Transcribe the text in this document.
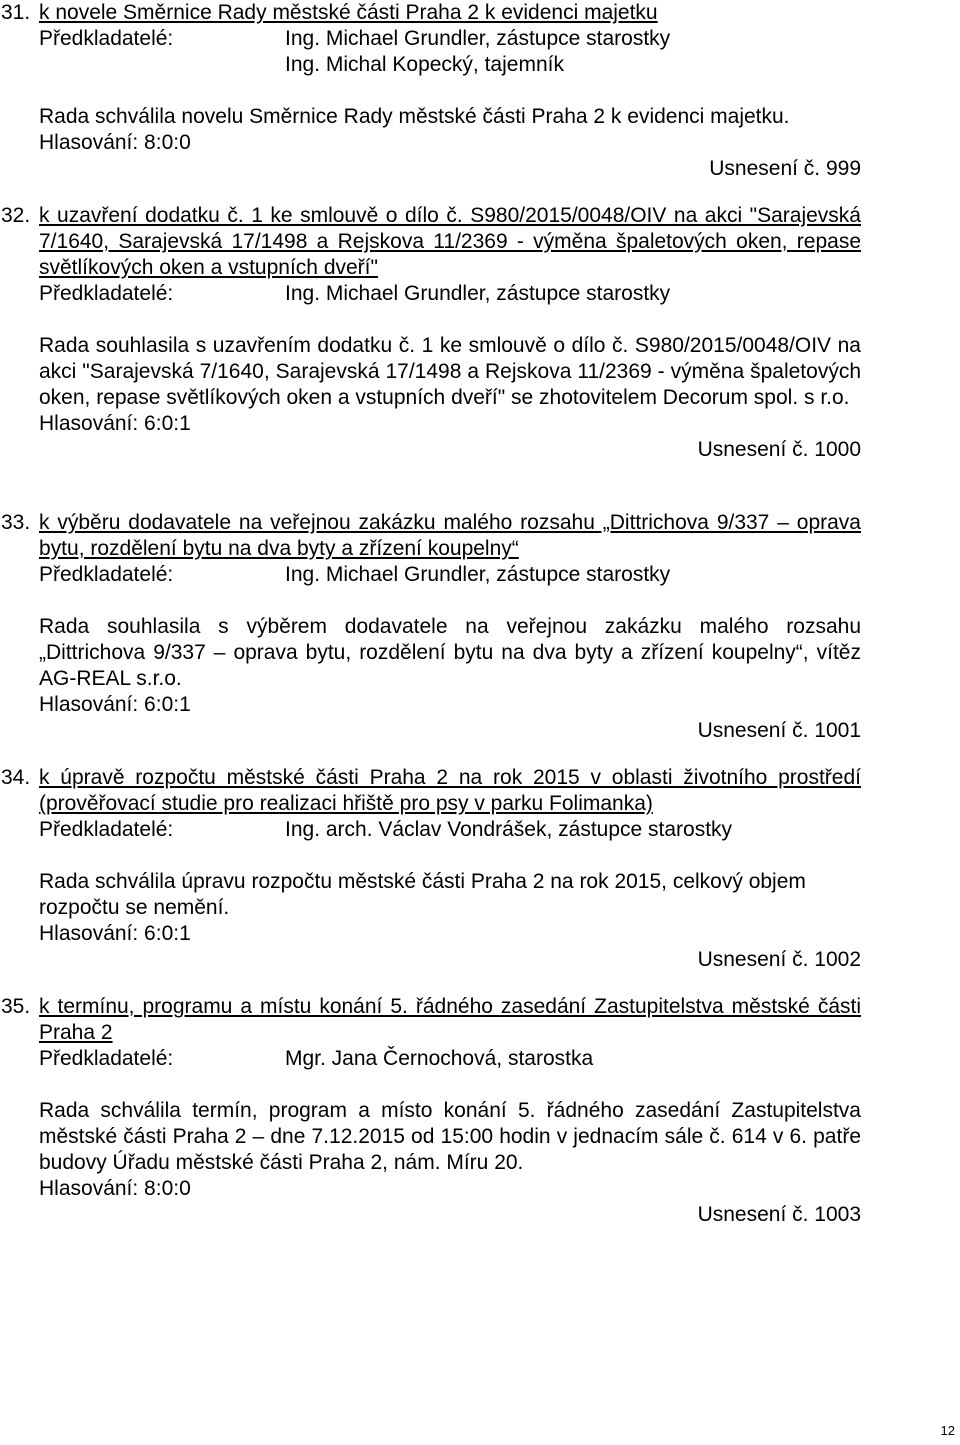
31. k novele Směrnice Rady městské části Praha 2 k evidenci majetku
Předkladatelé:	Ing. Michael Grundler, zástupce starostky
Ing. Michal Kopecký, tajemník
Rada schválila novelu Směrnice Rady městské části Praha 2 k evidenci majetku.
Hlasování: 8:0:0
Usnesení č. 999
32. k uzavření dodatku č. 1 ke smlouvě o dílo č. S980/2015/0048/OIV na akci "Sarajevská 7/1640, Sarajevská 17/1498 a Rejskova 11/2369 - výměna špaletových oken, repase světlíkových oken a vstupních dveří"
Předkladatelé:	Ing. Michael Grundler, zástupce starostky
Rada souhlasila s uzavřením dodatku č. 1 ke smlouvě o dílo č. S980/2015/0048/OIV na akci "Sarajevská 7/1640, Sarajevská 17/1498 a Rejskova 11/2369 - výměna špaletových oken, repase světlíkových oken a vstupních dveří" se zhotovitelem Decorum spol. s r.o.
Hlasování: 6:0:1
Usnesení č. 1000
33. k výběru dodavatele na veřejnou zakázku malého rozsahu „Dittrichova 9/337 – oprava bytu, rozdělení bytu na dva byty a zřízení koupelny“
Předkladatelé:	Ing. Michael Grundler, zástupce starostky
Rada souhlasila s výběrem dodavatele na veřejnou zakázku malého rozsahu „Dittrichova 9/337 – oprava bytu, rozdělení bytu na dva byty a zřízení koupelny“, vítěz AG-REAL s.r.o.
Hlasování: 6:0:1
Usnesení č. 1001
34. k úpravě rozpočtu městské části Praha 2 na rok 2015 v oblasti životního prostředí (prověřovací studie pro realizaci hřiště pro psy v parku Folimanka)
Předkladatelé:	Ing. arch. Václav Vondrášek, zástupce starostky
Rada schválila úpravu rozpočtu městské části Praha 2 na rok 2015, celkový objem rozpočtu se nemění.
Hlasování: 6:0:1
Usnesení č. 1002
35. k termínu, programu a místu konání 5. řádného zasedání Zastupitelstva městské části Praha 2
Předkladatelé:	Mgr. Jana Černochová, starostka
Rada schválila termín, program a místo konání 5. řádného zasedání Zastupitelstva městské části Praha 2 – dne 7.12.2015 od 15:00 hodin v jednacím sále č. 614 v 6. patře budovy Úřadu městské části Praha 2, nám. Míru 20.
Hlasování: 8:0:0
Usnesení č. 1003
12
